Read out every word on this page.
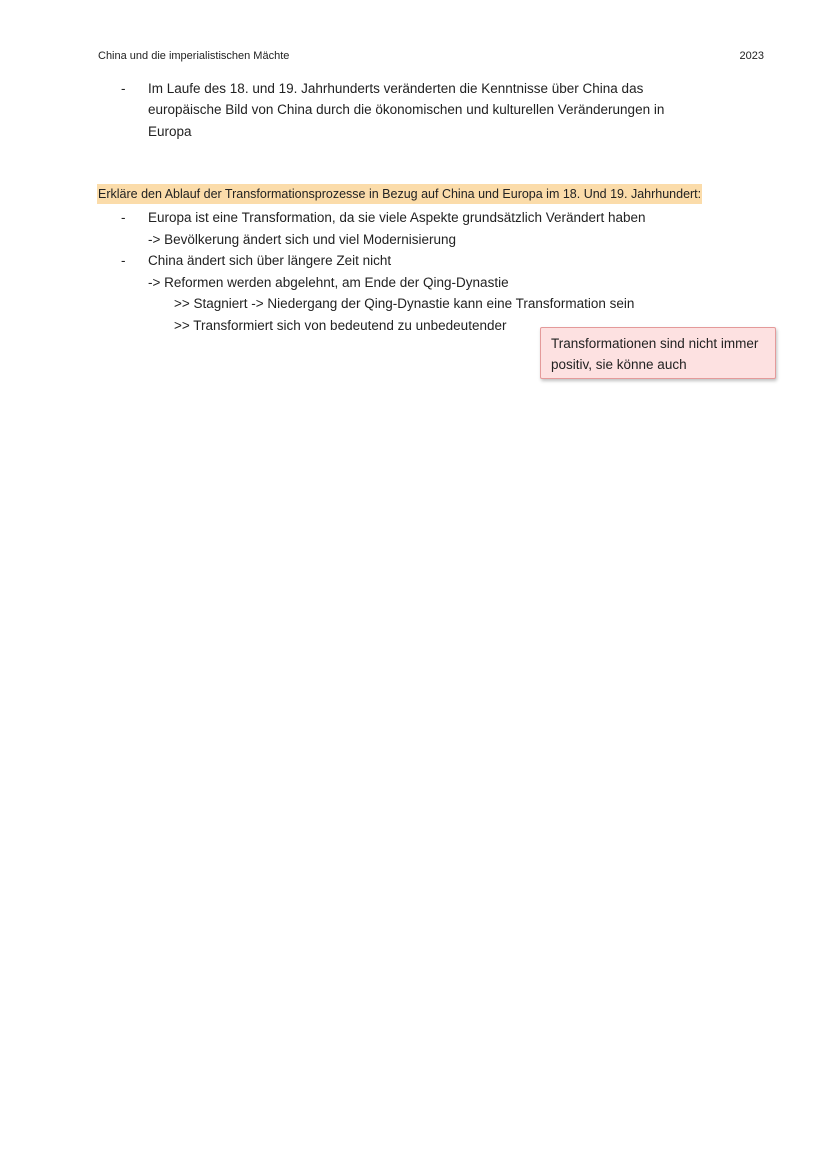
China und die imperialistischen Mächte	2023
- Im Laufe des 18. und 19. Jahrhunderts veränderten die Kenntnisse über China das
europäische Bild von China durch die ökonomischen und kulturellen Veränderungen in
Europa
Erkläre den Ablauf der Transformationsprozesse in Bezug auf China und Europa im 18. Und 19. Jahrhundert:
- Europa ist eine Transformation, da sie viele Aspekte grundsätzlich Verändert haben
-> Bevölkerung ändert sich und viel Modernisierung
- China ändert sich über längere Zeit nicht
-> Reformen werden abgelehnt, am Ende der Qing-Dynastie
>> Stagniert -> Niedergang der Qing-Dynastie kann eine Transformation sein
>> Transformiert sich von bedeutend zu unbedeutender
Transformationen sind nicht immer positiv, sie könne auch
